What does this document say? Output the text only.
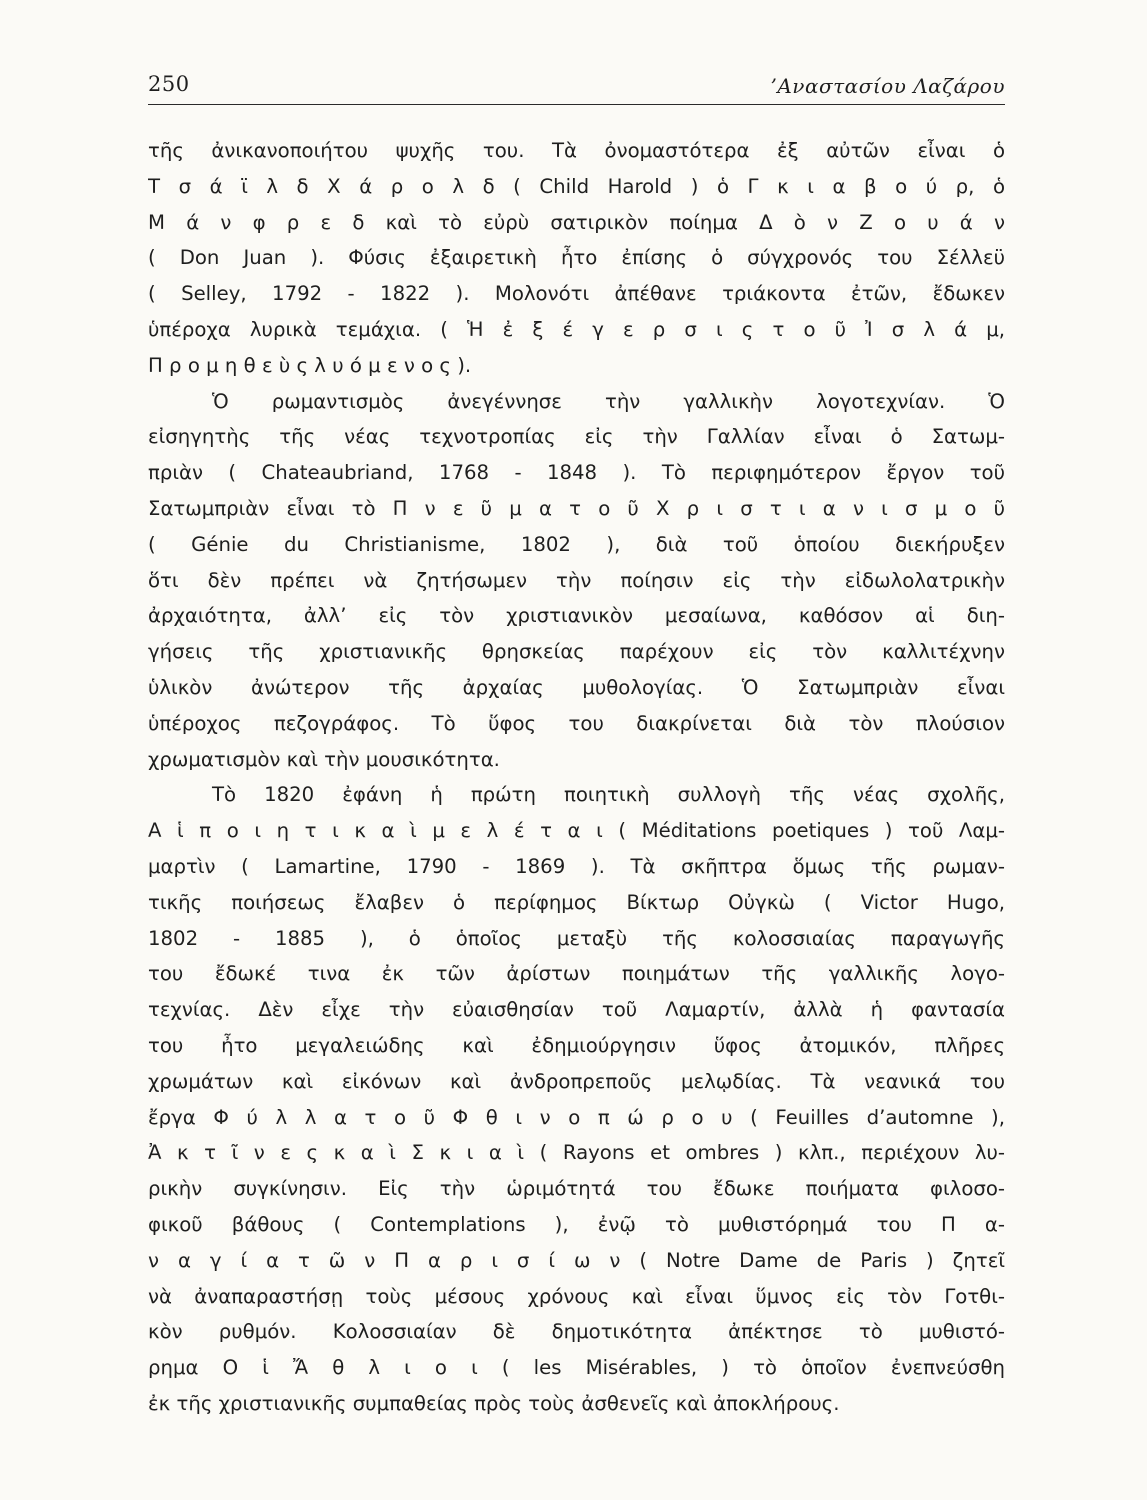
250	’Αναστασίου Λαζάρου
τῆς ἀνικανοποιήτου ψυχῆς του. Τὰ ὀνομαστότερα ἐξ αὐτῶν εἶναι ὁ
Τ σ ά ϊ λ δ Χ ά ρ ο λ δ ( Child Harold ) ὁ Γ κ ι α β ο ύ ρ, ὁ
Μ ά ν φ ρ ε δ καὶ τὸ εὐρὺ σατιρικὸν ποίημα Δ ὸ ν Ζ ο υ ά ν
( Don Juan ). Φύσις ἐξαιρετικὴ ἦτο ἐπίσης ὁ σύγχρονός του Σέλλεϋ
( Selley, 1792 - 1822 ). Μολονότι ἀπέθανε τριάκοντα ἐτῶν, ἔδωκεν
ὑπέροχα λυρικὰ τεμάχια. ( Ἡ ἐ ξ έ γ ε ρ σ ι ς τ ο ῦ Ἰ σ λ ά μ,
Π ρ ο μ η θ ε ὺ ς λ υ ό μ ε ν ο ς ).
Ὁ ρωμαντισμὸς ἀνεγέννησε τὴν γαλλικὴν λογοτεχνίαν. Ὁ
εἰσηγητὴς τῆς νέας τεχνοτροπίας εἰς τὴν Γαλλίαν εἶναι ὁ Σατωμ-
πριὰν ( Chateaubriand, 1768 - 1848 ). Τὸ περιφημότερον ἔργον τοῦ
Σατωμπριὰν εἶναι τὸ Π ν ε ῦ μ α τ ο ῦ Χ ρ ι σ τ ι α ν ι σ μ ο ῦ
( Génie du Christianisme, 1802 ), διὰ τοῦ ὁποίου διεκήρυξεν
ὅτι δὲν πρέπει νὰ ζητήσωμεν τὴν ποίησιν εἰς τὴν εἰδωλολατρικὴν
ἀρχαιότητα, ἀλλ’ εἰς τὸν χριστιανικὸν μεσαίωνα, καθόσον αἱ διη-
γήσεις τῆς χριστιανικῆς θρησκείας παρέχουν εἰς τὸν καλλιτέχνην
ὑλικὸν ἀνώτερον τῆς ἀρχαίας μυθολογίας. Ὁ Σατωμπριὰν εἶναι
ὑπέροχος πεζογράφος. Τὸ ὕφος του διακρίνεται διὰ τὸν πλούσιον
χρωματισμὸν καὶ τὴν μουσικότητα.
Τὸ 1820 ἐφάνη ἡ πρώτη ποιητικὴ συλλογὴ τῆς νέας σχολῆς,
Α ἱ π ο ι η τ ι κ α ὶ μ ε λ έ τ α ι ( Méditations poetiques ) τοῦ Λαμ-
μαρτὶν ( Lamartine, 1790 - 1869 ). Τὰ σκῆπτρα ὅμως τῆς ρωμαν-
τικῆς ποιήσεως ἔλαβεν ὁ περίφημος Βίκτωρ Οὐγκὼ ( Victor Hugo,
1802 - 1885 ), ὁ ὁποῖος μεταξὺ τῆς κολοσσιαίας παραγωγῆς
του ἔδωκέ τινα ἐκ τῶν ἀρίστων ποιημάτων τῆς γαλλικῆς λογο-
τεχνίας. Δὲν εἶχε τὴν εὐαισθησίαν τοῦ Λαμαρτίν, ἀλλὰ ἡ φαντασία
του ἦτο μεγαλειώδης καὶ ἐδημιούργησιν ὕφος ἀτομικόν, πλῆρες
χρωμάτων καὶ εἰκόνων καὶ ἀνδροπρεποῦς μελῳδίας. Τὰ νεανικά του
ἔργα Φ ύ λ λ α τ ο ῦ Φ θ ι ν ο π ώ ρ ο υ ( Feuilles d’automne ),
Ἀ κ τ ῖ ν ε ς κ α ὶ Σ κ ι α ὶ ( Rayons et ombres ) κλπ., περιέχουν λυ-
ρικὴν συγκίνησιν. Εἰς τὴν ὡριμότητά του ἔδωκε ποιήματα φιλοσο-
φικοῦ βάθους ( Contemplations ), ἐνῷ τὸ μυθιστόρημά του Π α-
ν α γ ί α τ ῶ ν Π α ρ ι σ ί ω ν ( Notre Dame de Paris ) ζητεῖ
νὰ ἀναπαραστήσῃ τοὺς μέσους χρόνους καὶ εἶναι ὕμνος εἰς τὸν Γοτθι-
κὸν ρυθμόν. Κολοσσιαίαν δὲ δημοτικότητα ἀπέκτησε τὸ μυθιστό-
ρημα Ο ἱ Ἄ θ λ ι ο ι ( les Misérables, ) τὸ ὁποῖον ἐνεπνεύσθη
ἐκ τῆς χριστιανικῆς συμπαθείας πρὸς τοὺς ἀσθενεῖς καὶ ἀποκλήρους.
